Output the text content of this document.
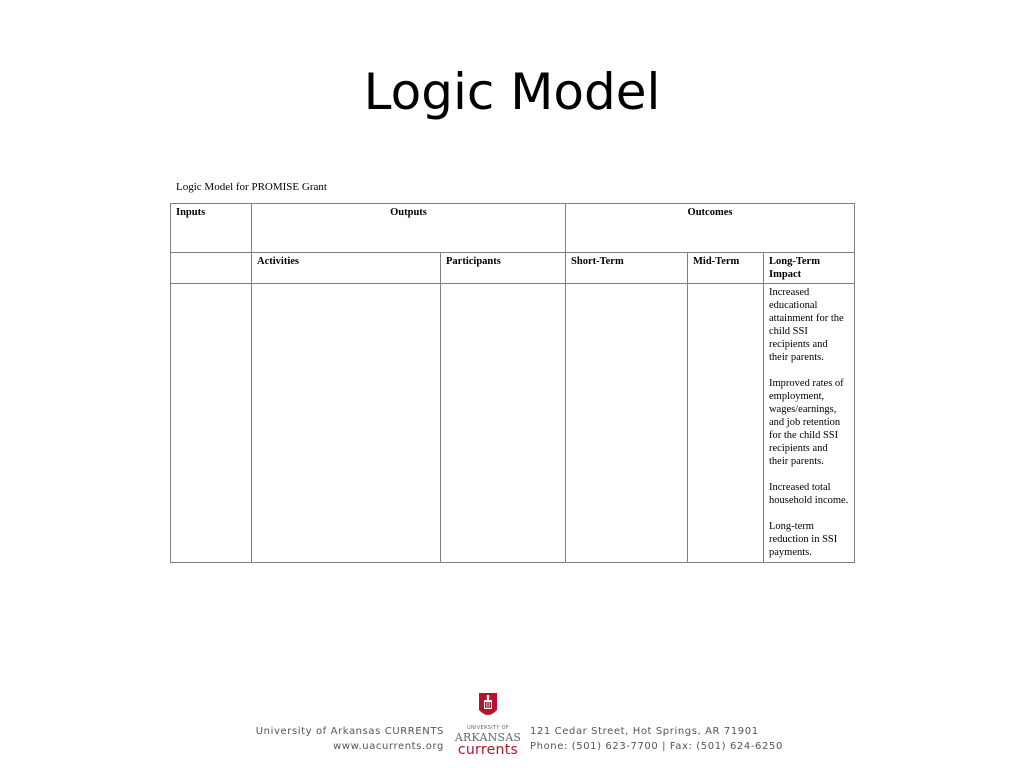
Logic Model
Logic Model for PROMISE Grant
Inputs	Outputs		Outcomes		
	Activities	Participants	Short-Term	Mid-Term	Long-Term
Impact

					Increased educational attainment for the child SSI recipients and their parents.

Improved rates of employment, wages/earnings, and job retention for the child SSI recipients and their parents.

Increased total household income.

Long-term reduction in SSI payments.

University of Arkansas CURRENTS
www.uacurrents.org
UNIVERSITY OF
ARKANSAS
currents
121 Cedar Street, Hot Springs, AR 71901
Phone: (501) 623-7700 | Fax: (501) 624-6250
